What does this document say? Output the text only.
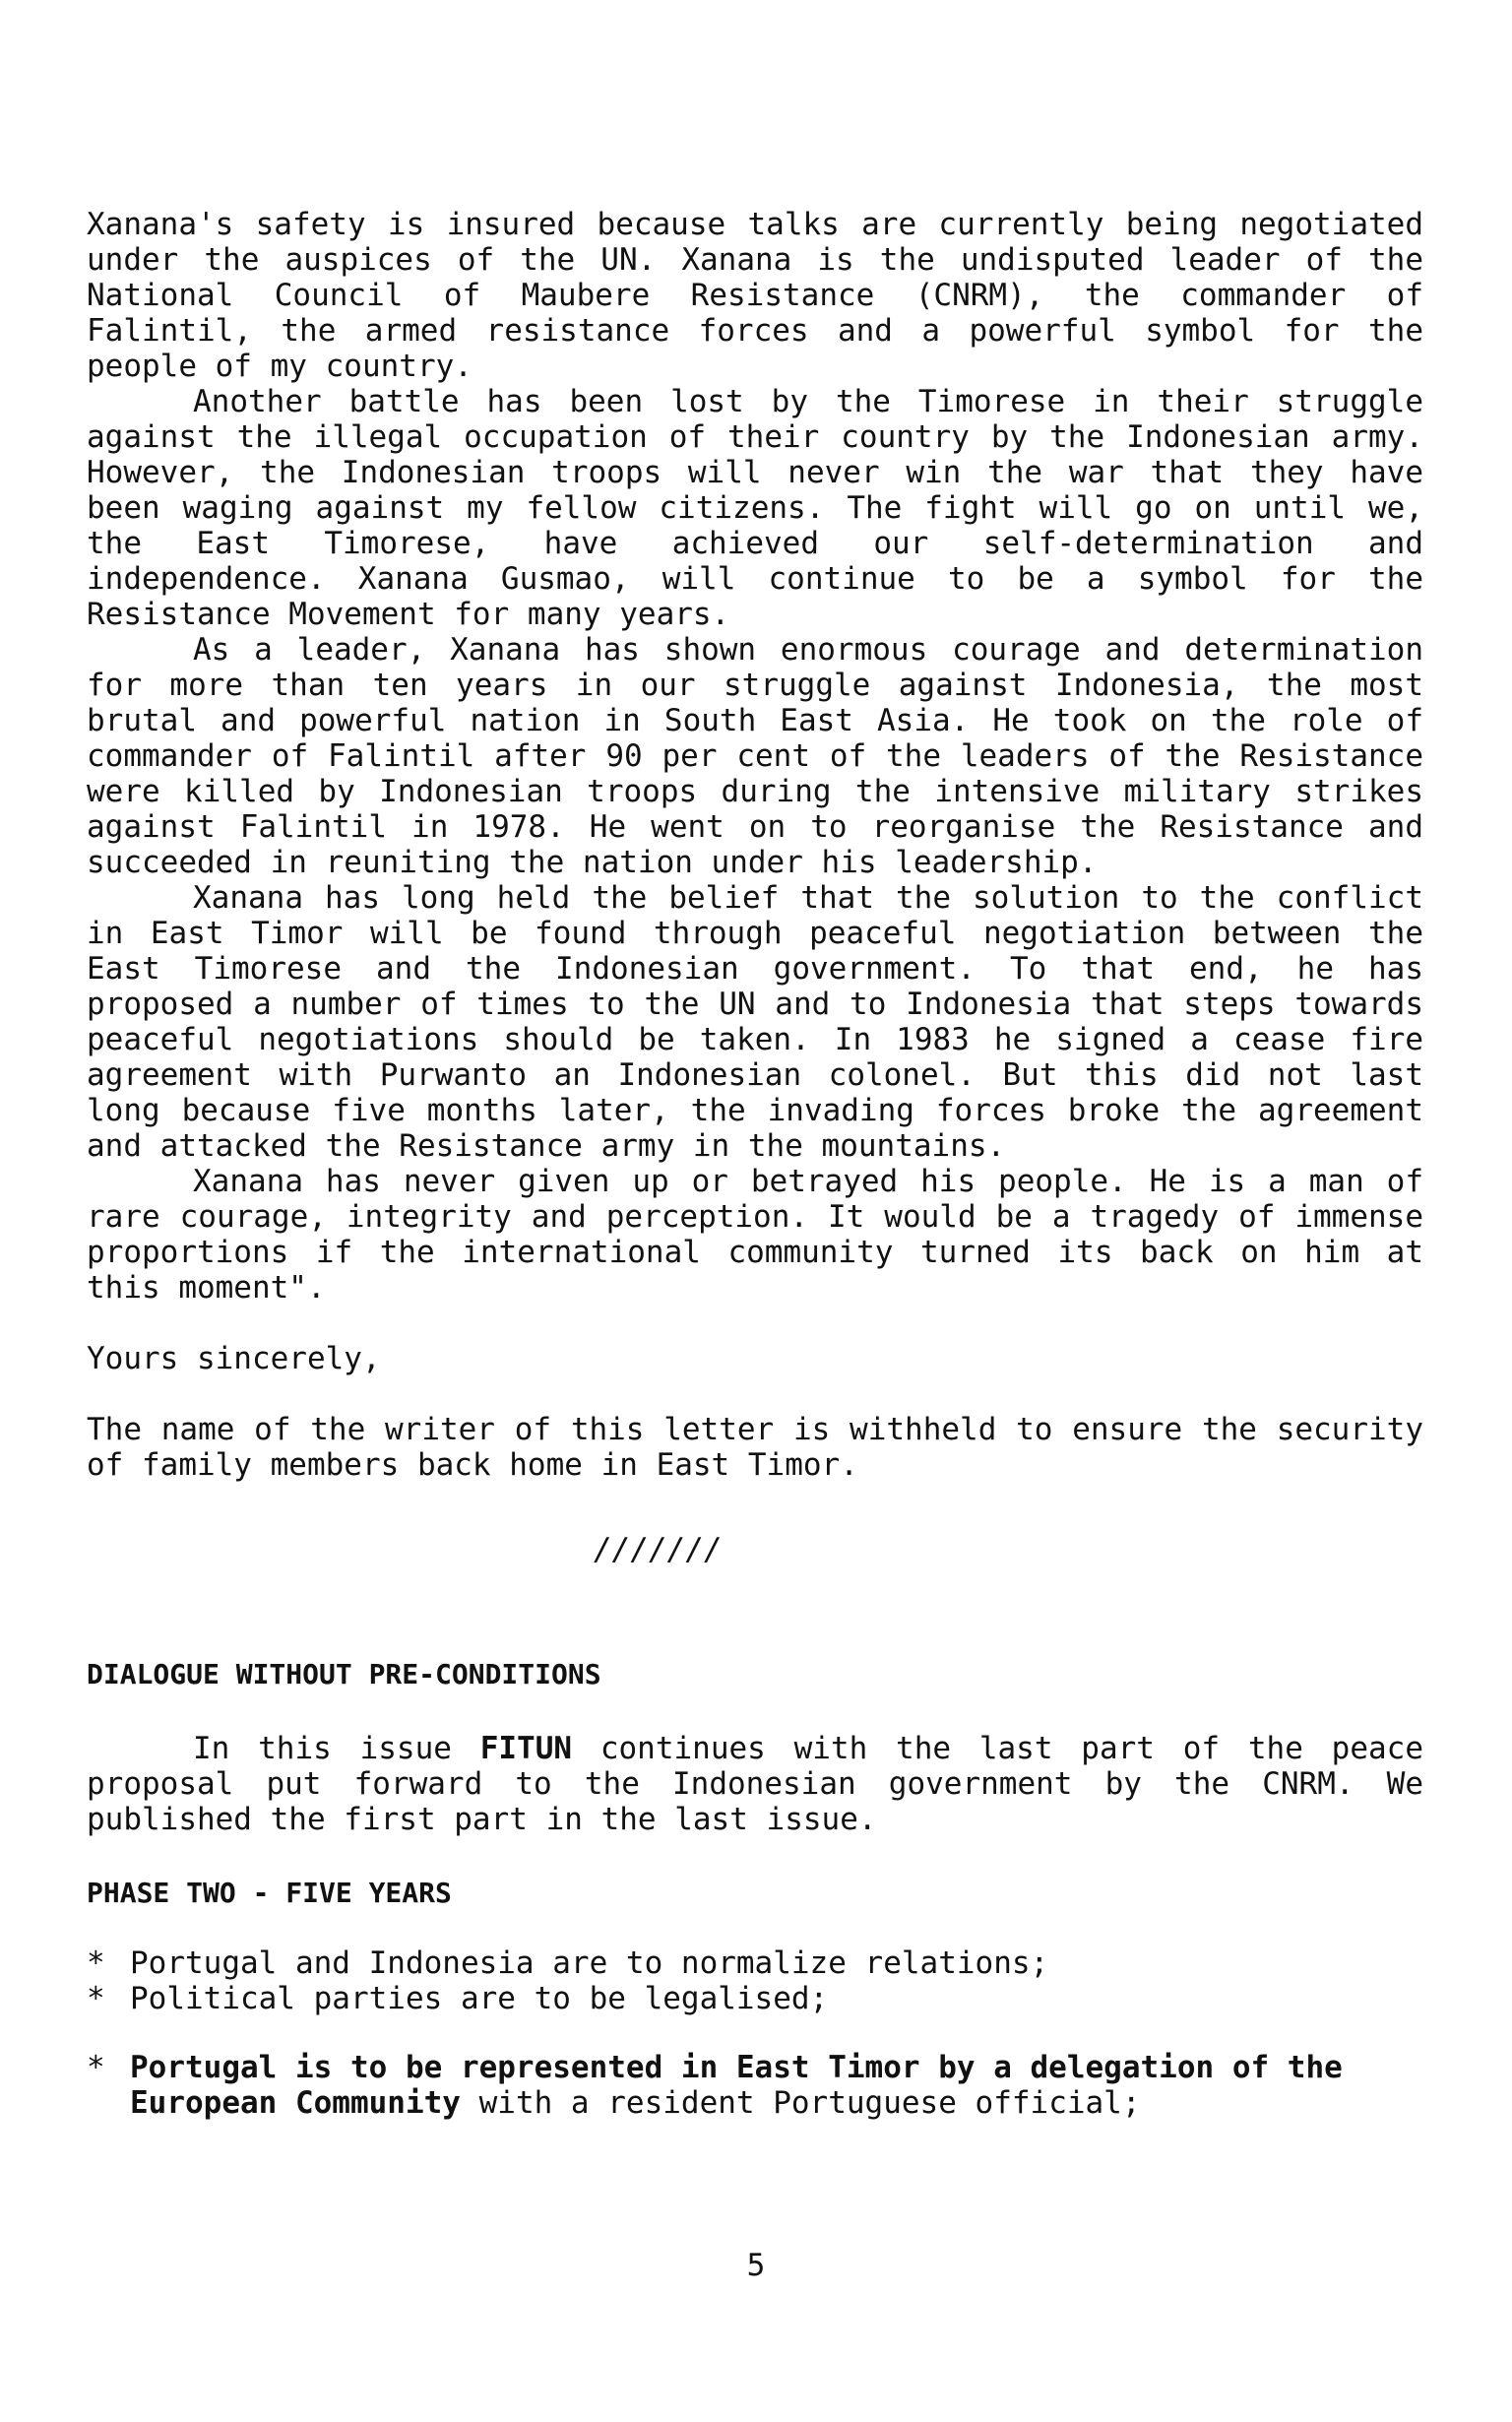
Xanana's safety is insured because talks are currently being negotiated under the auspices of the UN. Xanana is the undisputed leader of the National Council of Maubere Resistance (CNRM), the commander of Falintil, the armed resistance forces and a powerful symbol for the people of my country.

Another battle has been lost by the Timorese in their struggle against the illegal occupation of their country by the Indonesian army. However, the Indonesian troops will never win the war that they have been waging against my fellow citizens. The fight will go on until we, the East Timorese, have achieved our self-determination and independence. Xanana Gusmao, will continue to be a symbol for the Resistance Movement for many years.

As a leader, Xanana has shown enormous courage and determination for more than ten years in our struggle against Indonesia, the most brutal and powerful nation in South East Asia. He took on the role of commander of Falintil after 90 per cent of the leaders of the Resistance were killed by Indonesian troops during the intensive military strikes against Falintil in 1978. He went on to reorganise the Resistance and succeeded in reuniting the nation under his leadership.

Xanana has long held the belief that the solution to the conflict in East Timor will be found through peaceful negotiation between the East Timorese and the Indonesian government. To that end, he has proposed a number of times to the UN and to Indonesia that steps towards peaceful negotiations should be taken. In 1983 he signed a cease fire agreement with Purwanto an Indonesian colonel. But this did not last long because five months later, the invading forces broke the agreement and attacked the Resistance army in the mountains.

Xanana has never given up or betrayed his people. He is a man of rare courage, integrity and perception. It would be a tragedy of immense proportions if the international community turned its back on him at this moment".

Yours sincerely,

The name of the writer of this letter is withheld to ensure the security of family members back home in East Timor.

///////

DIALOGUE WITHOUT PRE-CONDITIONS

In this issue FITUN continues with the last part of the peace proposal put forward to the Indonesian government by the CNRM. We published the first part in the last issue.

PHASE TWO - FIVE YEARS

* Portugal and Indonesia are to normalize relations;
* Political parties are to be legalised;
* Portugal is to be represented in East Timor by a delegation of the European Community with a resident Portuguese official;
5
